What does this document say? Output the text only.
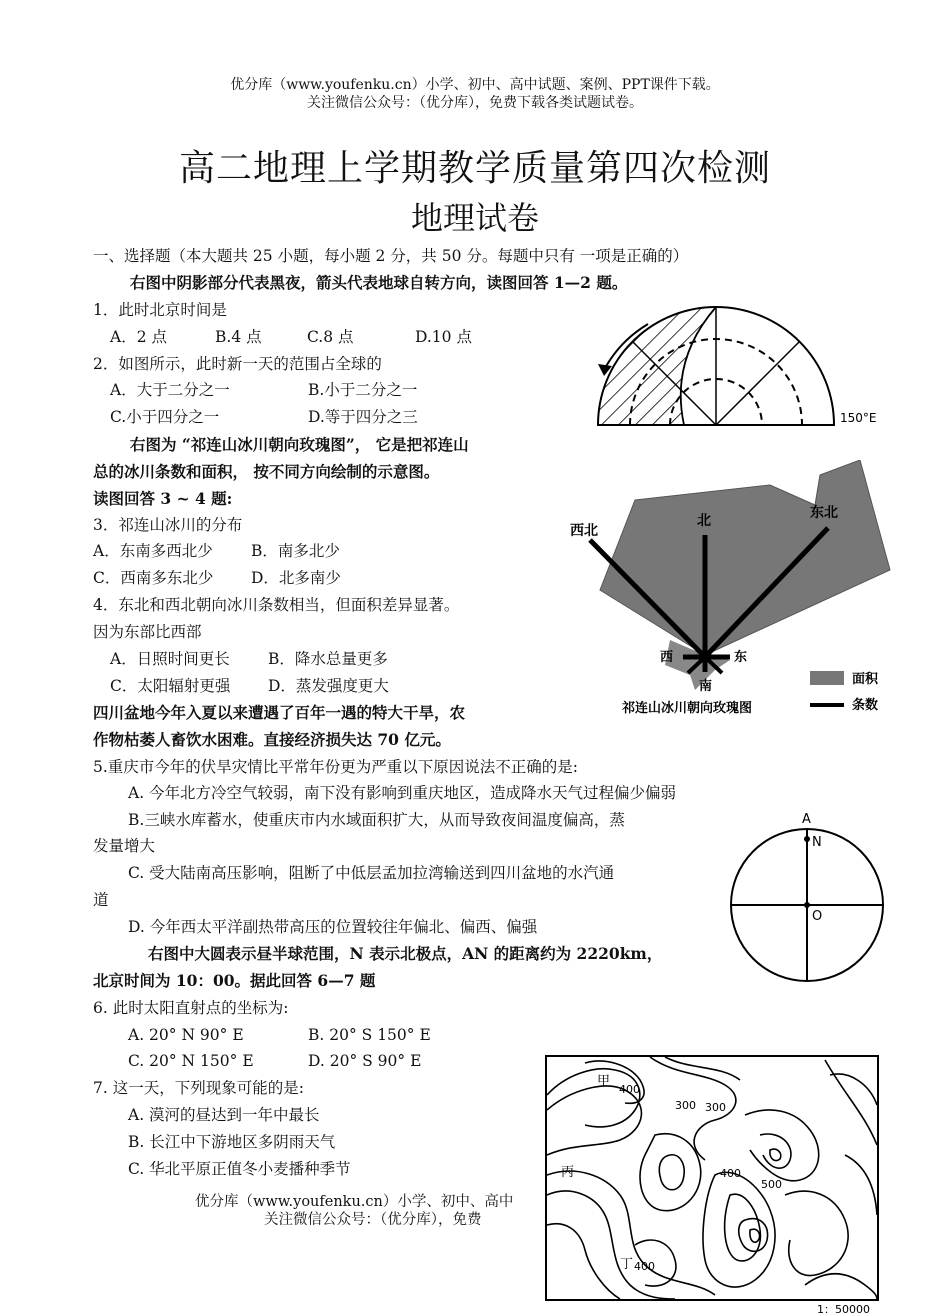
优分库（www.youfenku.cn）小学、初中、高中试题、案例、PPT课件下载。
关注微信公众号：（优分库），免费下载各类试题试卷。
高二地理上学期教学质量第四次检测
地理试卷
一、选择题（本大题共 25 小题，每小题 2 分，共 50 分。每题中只有 一项是正确的）
右图中阴影部分代表黑夜，箭头代表地球自转方向，读图回答 1—2 题。
1．此时北京时间是
A．2 点	B.4 点	C.8 点	D.10 点
2．如图所示，此时新一天的范围占全球的
A．大于二分之一	B.小于二分之一
C.小于四分之一	D.等于四分之三
右图为 “祁连山冰川朝向玫瑰图”， 它是把祁连山
总的冰川条数和面积， 按不同方向绘制的示意图。
读图回答 3 ~ 4 题:
3．祁连山冰川的分布
A．东南多西北少 B．南多北少
C．西南多东北少 D．北多南少
4．东北和西北朝向冰川条数相当，但面积差异显著。
因为东部比西部
A．日照时间更长 B．降水总量更多
C．太阳辐射更强 D．蒸发强度更大
四川盆地今年入夏以来遭遇了百年一遇的特大干旱，农
作物枯萎人畜饮水困难。直接经济损失达 70 亿元。
5.重庆市今年的伏旱灾情比平常年份更为严重以下原因说法不正确的是:
A. 今年北方冷空气较弱，南下没有影响到重庆地区，造成降水天气过程偏少偏弱
B.三峡水库蓄水，使重庆市内水域面积扩大，从而导致夜间温度偏高，蒸
发量增大
C. 受大陆南高压影响，阻断了中低层孟加拉湾输送到四川盆地的水汽通
道
D. 今年西太平洋副热带高压的位置较往年偏北、偏西、偏强
右图中大圆表示昼半球范围，N 表示北极点，AN 的距离约为 2220km，
北京时间为 10：00。据此回答 6—7 题
6. 此时太阳直射点的坐标为:
A. 20° N 90° E	B. 20° S 150° E
C. 20° N 150° E	D. 20° S 90° E
7. 这一天，下列现象可能的是:
A. 漠河的昼达到一年中最长
B. 长江中下游地区多阴雨天气
C. 华北平原正值冬小麦播种季节
优分库（www.youfenku.cn）小学、初中、高中
关注微信公众号：（优分库），免费
150°E
西北
北	东北
西	东
南
祁连山冰川朝向玫瑰图
面积
条数
A
N
O
甲
400
300 300
丙	400
500
丁 400
1：50000
